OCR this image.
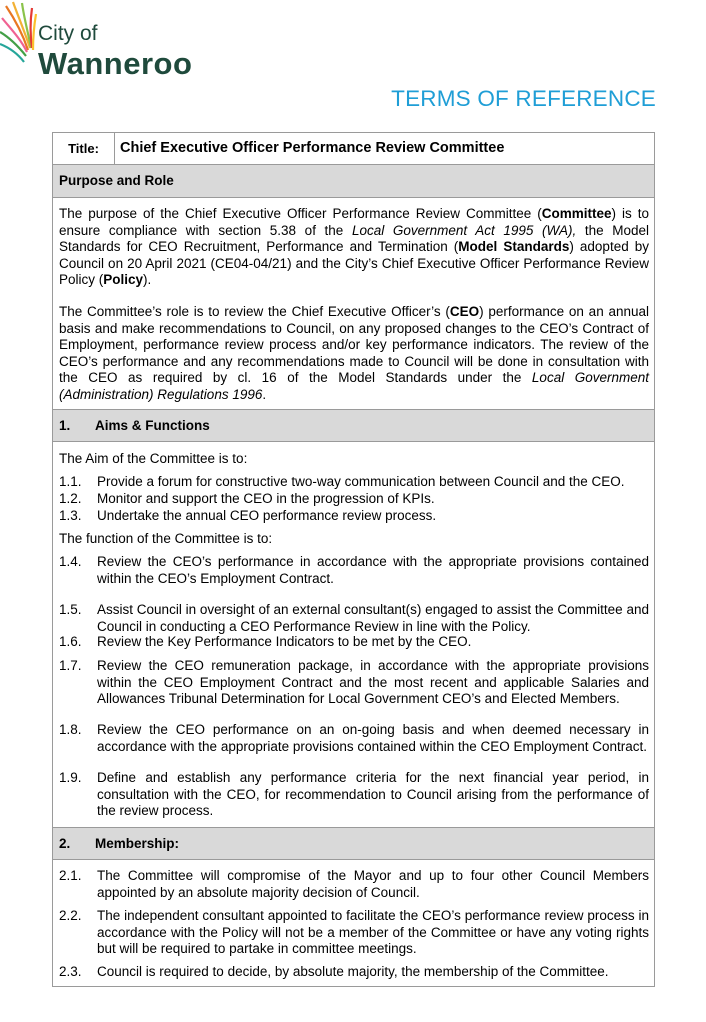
City of
Wanneroo
TERMS OF REFERENCE
Title:	Chief Executive Officer Performance Review Committee
Purpose and Role
The purpose of the Chief Executive Officer Performance Review Committee (Committee) is to ensure compliance with section 5.38 of the Local Government Act 1995 (WA), the Model Standards for CEO Recruitment, Performance and Termination (Model Standards) adopted by Council on 20 April 2021 (CE04-04/21) and the City’s Chief Executive Officer Performance Review Policy (Policy).
The Committee’s role is to review the Chief Executive Officer’s (CEO) performance on an annual basis and make recommendations to Council, on any proposed changes to the CEO’s Contract of Employment, performance review process and/or key performance indicators. The review of the CEO’s performance and any recommendations made to Council will be done in consultation with the CEO as required by cl. 16 of the Model Standards under the Local Government (Administration) Regulations 1996.
1. Aims & Functions
The Aim of the Committee is to:
1.1.	Provide a forum for constructive two-way communication between Council and the CEO.
1.2.	Monitor and support the CEO in the progression of KPIs.
1.3.	Undertake the annual CEO performance review process.
The function of the Committee is to:
1.4.	Review the CEO’s performance in accordance with the appropriate provisions contained within the CEO’s Employment Contract.
1.5.	Assist Council in oversight of an external consultant(s) engaged to assist the Committee and Council in conducting a CEO Performance Review in line with the Policy.
1.6.	Review the Key Performance Indicators to be met by the CEO.
1.7.	Review the CEO remuneration package, in accordance with the appropriate provisions within the CEO Employment Contract and the most recent and applicable Salaries and Allowances Tribunal Determination for Local Government CEO’s and Elected Members.
1.8.	Review the CEO performance on an on-going basis and when deemed necessary in accordance with the appropriate provisions contained within the CEO Employment Contract.
1.9.	Define and establish any performance criteria for the next financial year period, in consultation with the CEO, for recommendation to Council arising from the performance of the review process.
2. Membership:
2.1.	The Committee will compromise of the Mayor and up to four other Council Members appointed by an absolute majority decision of Council.
2.2.	The independent consultant appointed to facilitate the CEO’s performance review process in accordance with the Policy will not be a member of the Committee or have any voting rights but will be required to partake in committee meetings.
2.3.	Council is required to decide, by absolute majority, the membership of the Committee.
